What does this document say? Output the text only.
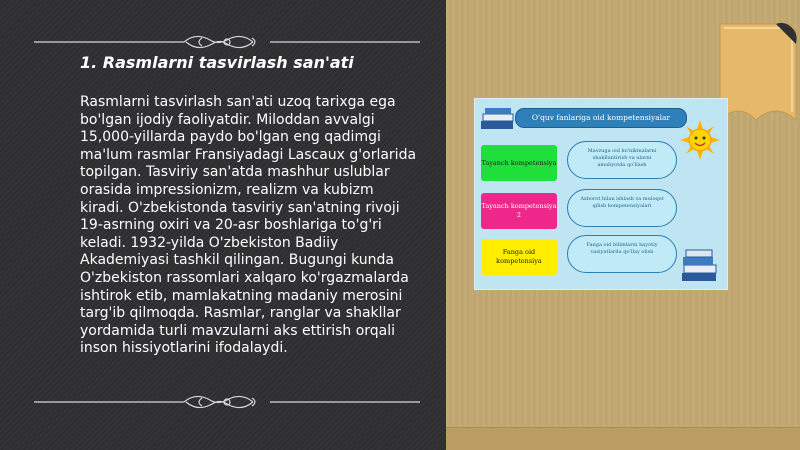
1. Rasmlarni tasvirlash san'ati

Rasmlarni tasvirlash san'ati uzoq tarixga ega bo'lgan ijodiy faoliyatdir. Miloddan avvalgi 15,000-yillarda paydo bo'lgan eng qadimgi ma'lum rasmlar Fransiyadagi Lascaux g'orlarida topilgan. Tasviriy san'atda mashhur uslublar orasida impressionizm, realizm va kubizm kiradi. O'zbekistonda tasviriy san'atning rivoji 19-asrning oxiri va 20-asr boshlariga to'g'ri keladi. 1932-yilda O'zbekiston Badiiy Akademiyasi tashkil qilingan. Bugungi kunda O'zbekiston rassomlari xalqaro ko'rgazmalarda ishtirok etib, mamlakatning madaniy merosini targ'ib qilmoqda. Rasmlar, ranglar va shakllar yordamida turli mavzularni aks ettirish orqali inson hissiyotlarini ifodalaydi.

O'quv fanlariga oid kompetensiyalar
Tayanch kompetensiya
Tayanch kompetensiya 2
Fanga oid kompetensiya
Mavzuga oid ko'nikmalarni shakllantirish va ularni amaliyotda qo'llash
Axborot bilan ishlash va muloqot qilish kompetensiyalari
Fanga oid bilimlarni hayotiy vaziyatlarda qo'llay olish
